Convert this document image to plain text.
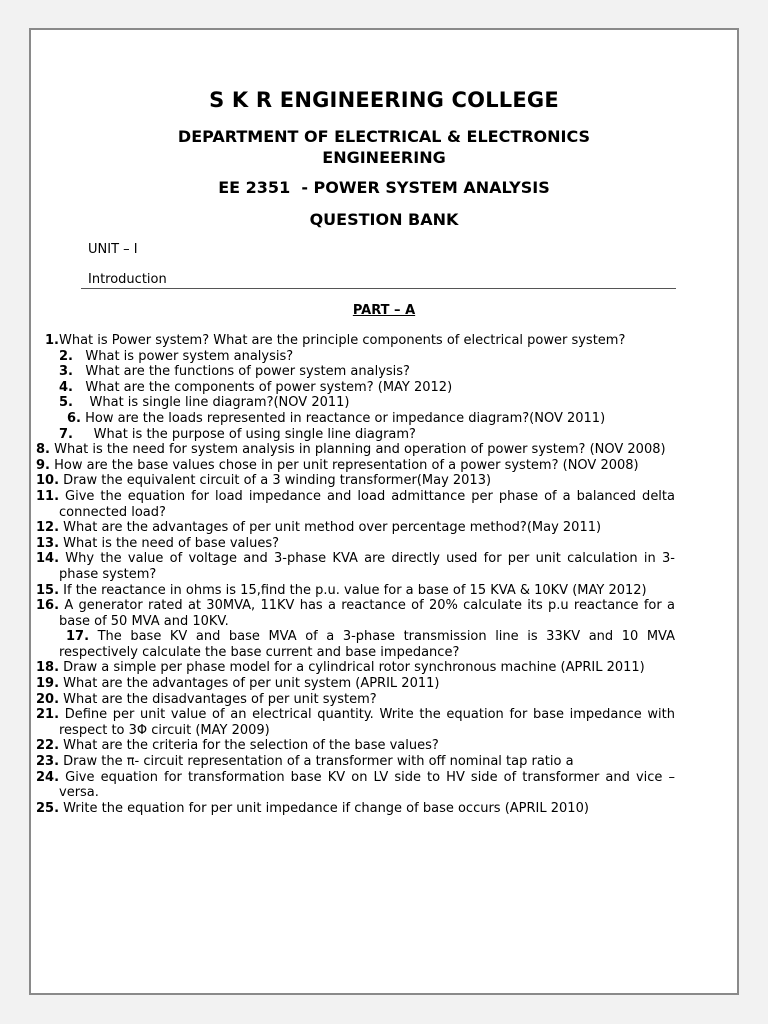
S K R ENGINEERING COLLEGE
DEPARTMENT OF ELECTRICAL & ELECTRONICS ENGINEERING
EE 2351  - POWER SYSTEM ANALYSIS
QUESTION BANK
UNIT – I
Introduction
PART – A
1.What is Power system? What are the principle components of electrical power system?
2.   What is power system analysis?
3.   What are the functions of power system analysis?
4.   What are the components of power system? (MAY 2012)
5.    What is single line diagram?(NOV 2011)
6. How are the loads represented in reactance or impedance diagram?(NOV 2011)
7.     What is the purpose of using single line diagram?
8. What is the need for system analysis in planning and operation of power system? (NOV 2008)
9. How are the base values chose in per unit representation of a power system? (NOV 2008)
10. Draw the equivalent circuit of a 3 winding transformer(May 2013)
11. Give the equation for load impedance and load admittance per phase of a balanced delta connected load?
12. What are the advantages of per unit method over percentage method?(May 2011)
13. What is the need of base values?
14. Why the value of voltage and 3-phase KVA are directly used for per unit calculation in 3-phase system?
15. If the reactance in ohms is 15,find the p.u. value for a base of 15 KVA & 10KV (MAY 2012)
16. A generator rated at 30MVA, 11KV has a reactance of 20% calculate its p.u reactance for a base of 50 MVA and 10KV.
17. The base KV and base MVA of a 3-phase transmission line is 33KV and 10 MVA respectively calculate the base current and base impedance?
18. Draw a simple per phase model for a cylindrical rotor synchronous machine (APRIL 2011)
19. What are the advantages of per unit system (APRIL 2011)
20. What are the disadvantages of per unit system?
21. Define per unit value of an electrical quantity. Write the equation for base impedance with respect to 3Φ circuit (MAY 2009)
22. What are the criteria for the selection of the base values?
23. Draw the π- circuit representation of a transformer with off nominal tap ratio a
24. Give equation for transformation base KV on LV side to HV side of transformer and vice – versa.
25. Write the equation for per unit impedance if change of base occurs (APRIL 2010)
